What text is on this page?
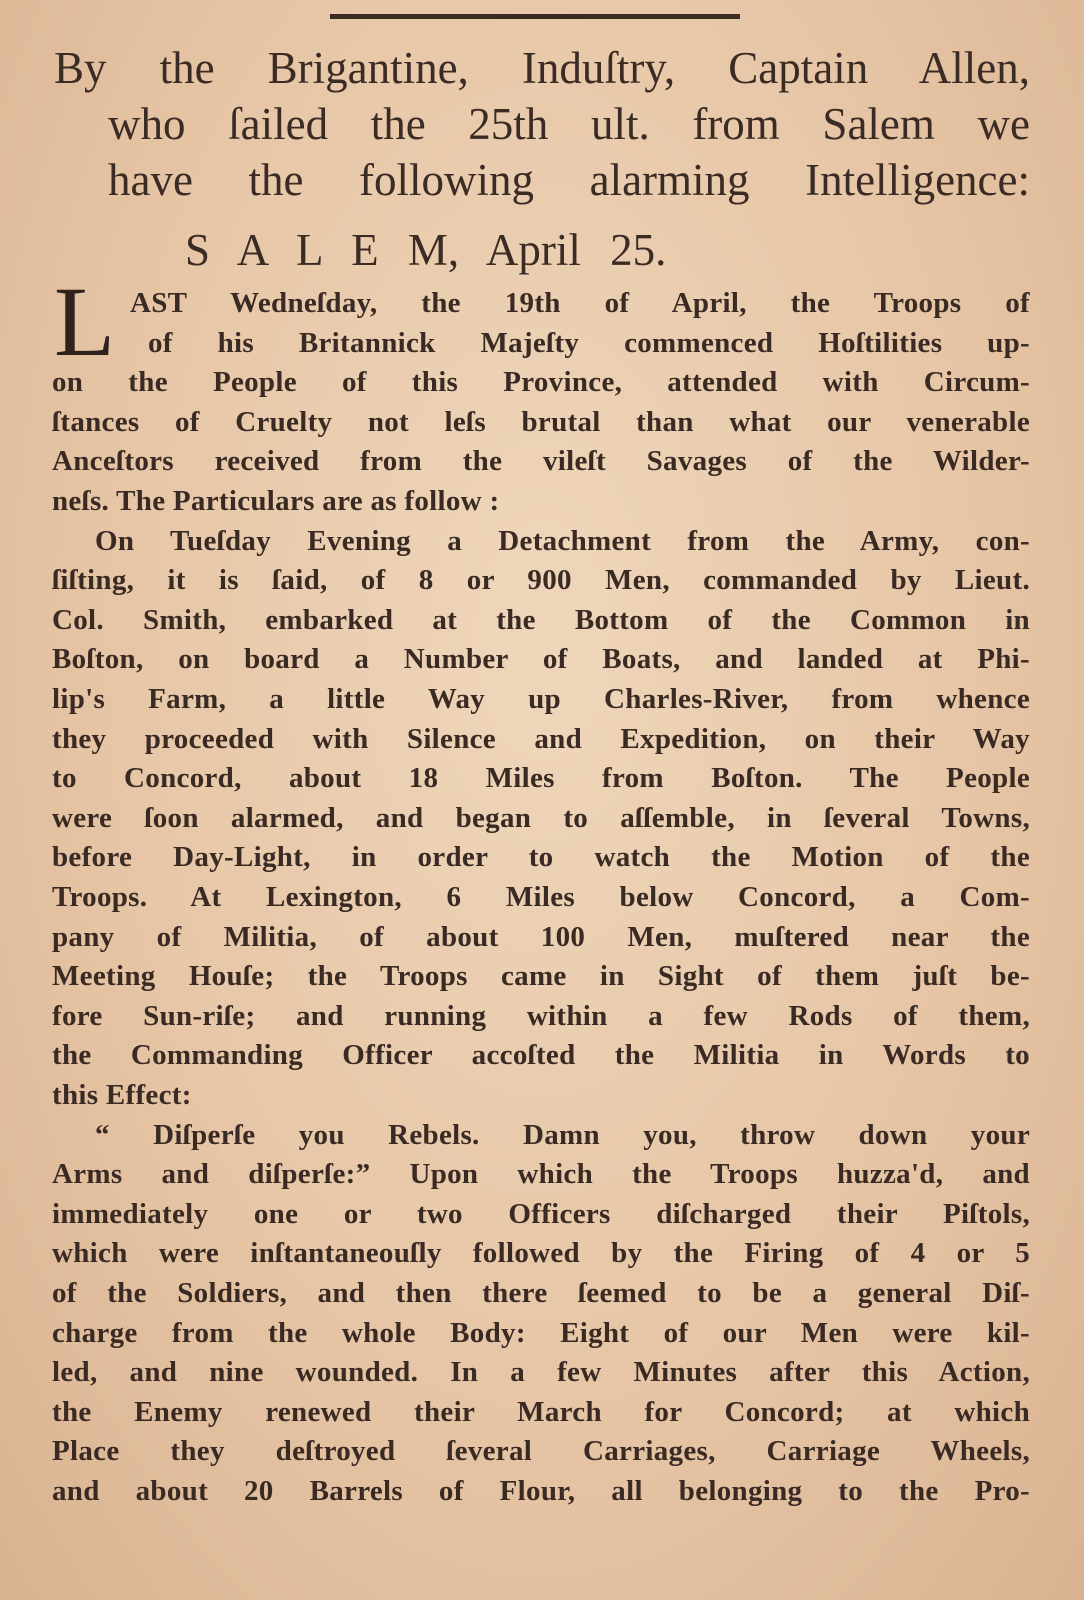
By the Brigantine, Induſtry, Captain Allen,
who ſailed the 25th ult. from Salem we
have the following alarming Intelligence:
S A L E M, April 25.
L AST Wedneſday, the 19th of April, the Troops of
of his Britannick Majeſty commenced Hoſtilities up-
on the People of this Province, attended with Circum-
ſtances of Cruelty not leſs brutal than what our venerable
Anceſtors received from the vileſt Savages of the Wilder-
neſs. The Particulars are as follow :
On Tueſday Evening a Detachment from the Army, con-
ſiſting, it is ſaid, of 8 or 900 Men, commanded by Lieut.
Col. Smith, embarked at the Bottom of the Common in
Boſton, on board a Number of Boats, and landed at Phi-
lip's Farm, a little Way up Charles-River, from whence
they proceeded with Silence and Expedition, on their Way
to Concord, about 18 Miles from Boſton. The People
were ſoon alarmed, and began to aſſemble, in ſeveral Towns,
before Day-Light, in order to watch the Motion of the
Troops. At Lexington, 6 Miles below Concord, a Com-
pany of Militia, of about 100 Men, muſtered near the
Meeting Houſe; the Troops came in Sight of them juſt be-
fore Sun-riſe; and running within a few Rods of them,
the Commanding Officer accoſted the Militia in Words to
this Effect:
“ Diſperſe you Rebels. Damn you, throw down your
Arms and diſperſe:” Upon which the Troops huzza'd, and
immediately one or two Officers diſcharged their Piſtols,
which were inſtantaneouſly followed by the Firing of 4 or 5
of the Soldiers, and then there ſeemed to be a general Diſ-
charge from the whole Body: Eight of our Men were kil-
led, and nine wounded. In a few Minutes after this Action,
the Enemy renewed their March for Concord; at which
Place they deſtroyed ſeveral Carriages, Carriage Wheels,
and about 20 Barrels of Flour, all belonging to the Pro-
